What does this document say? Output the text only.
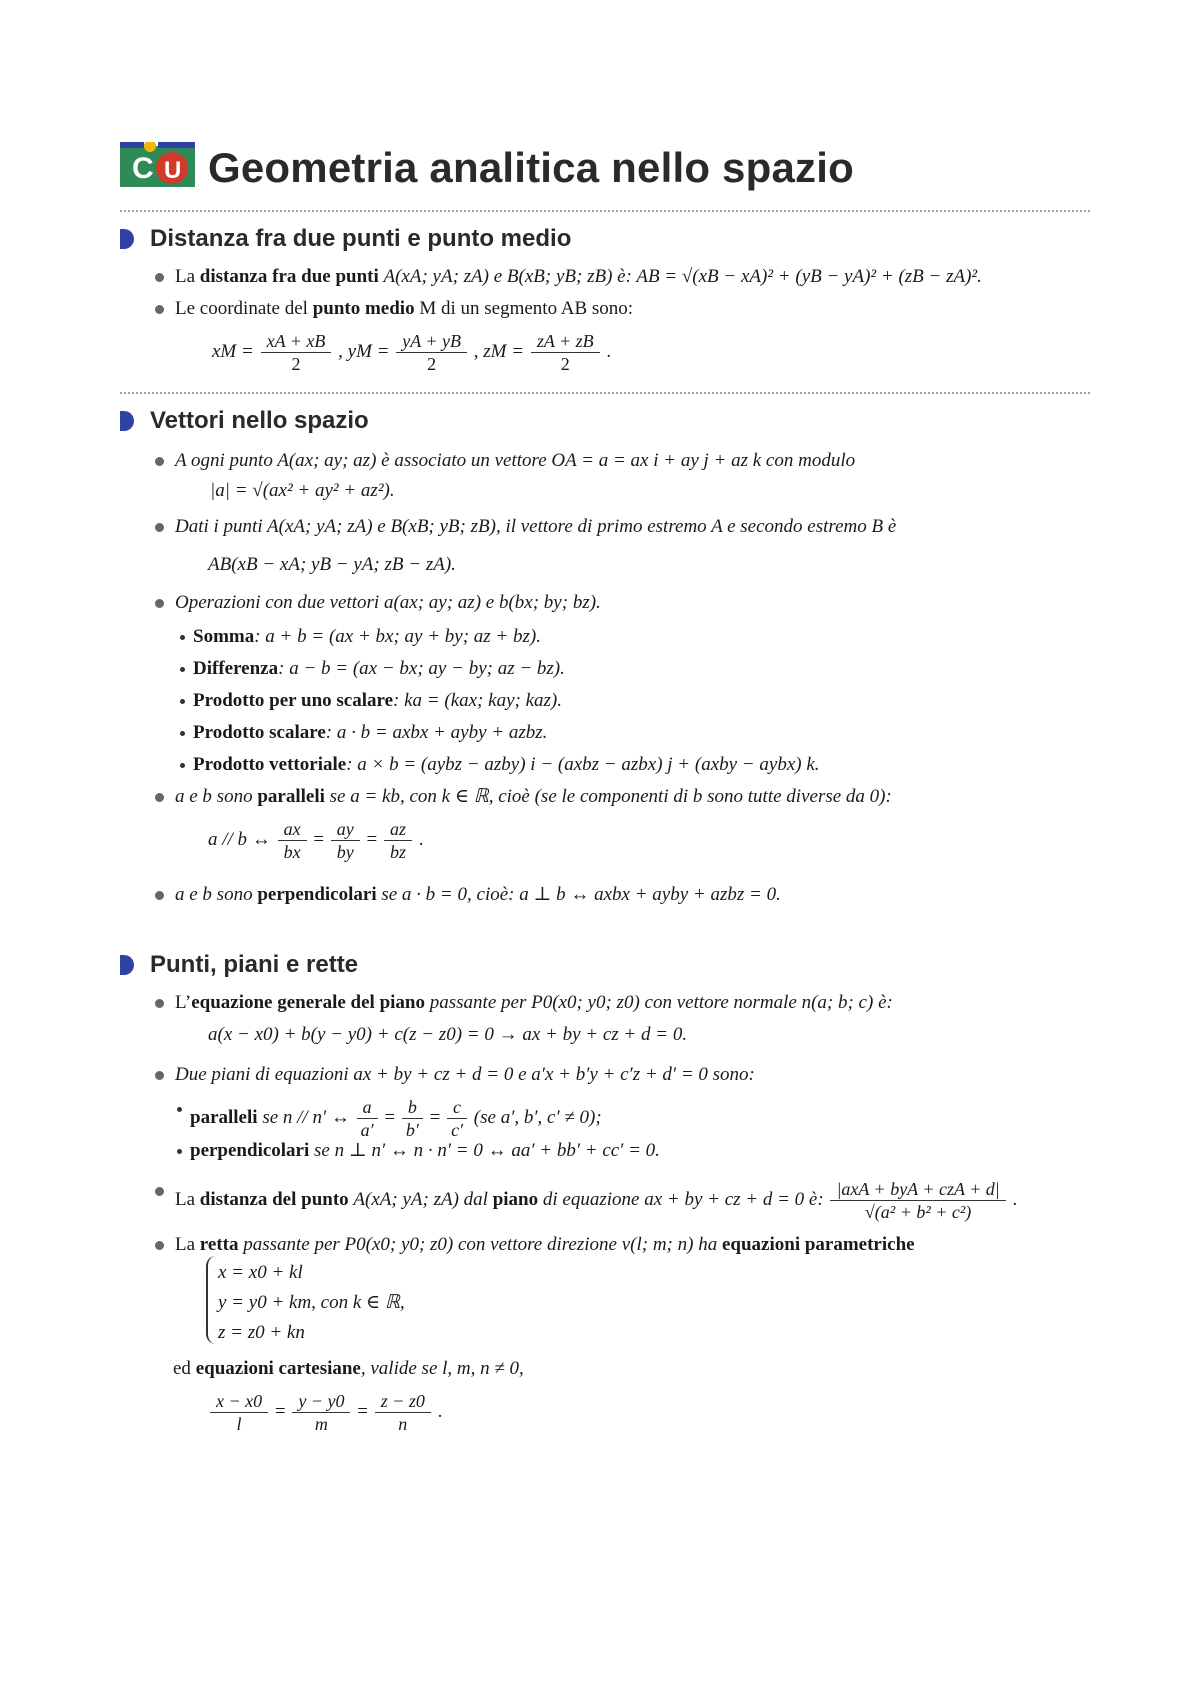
C U Geometria analitica nello spazio
Distanza fra due punti e punto medio
La distanza fra due punti A(xA; yA; zA) e B(xB; yB; zB) è: AB = √(xB − xA)² + (yB − yA)² + (zB − zA)².
Le coordinate del punto medio M di un segmento AB sono:
xM = $\frac{xA + xB}{2}$ , yM = $\frac{yA + yB}{2}$ , zM = $\frac{zA + zB}{2}$ .
Vettori nello spazio
A ogni punto A(ax; ay; az) è associato un vettore OA = a = ax i + ay j + az k con modulo
|a| = √(ax² + ay² + az²).
Dati i punti A(xA; yA; zA) e B(xB; yB; zB), il vettore di primo estremo A e secondo estremo B è
AB(xB − xA; yB − yA; zB − zA).
Operazioni con due vettori a(ax; ay; az) e b(bx; by; bz).
Somma: a + b = (ax + bx; ay + by; az + bz).
Differenza: a − b = (ax − bx; ay − by; az − bz).
Prodotto per uno scalare: ka = (kax; kay; kaz).
Prodotto scalare: a · b = axbx + ayby + azbz.
Prodotto vettoriale: a × b = (aybz − azby) i − (axbz − azbx) j + (axby − aybx) k.
a e b sono paralleli se a = kb, con k ∈ ℝ, cioè (se le componenti di b sono tutte diverse da 0):
a // b ↔ $\frac{ax}{bx} = \frac{ay}{by} = \frac{az}{bz}$ .
a e b sono perpendicolari se a · b = 0, cioè: a ⊥ b ↔ axbx + ayby + azbz = 0.
Punti, piani e rette
L’equazione generale del piano passante per P0(x0; y0; z0) con vettore normale n(a; b; c) è:
a(x − x0) + b(y − y0) + c(z − z0) = 0 → ax + by + cz + d = 0.
Due piani di equazioni ax + by + cz + d = 0 e a′x + b′y + c′z + d′ = 0 sono:
paralleli se n // n′ ↔ $\frac{a}{a'} = \frac{b}{b'} = \frac{c}{c'} (se$ a′, b′, c′ ≠ 0);
perpendicolari se n ⊥ n′ ↔ n · n′ = 0 ↔ aa′ + bb′ + cc′ = 0.
La distanza del punto A(xA; yA; zA) dal piano di equazione ax + by + cz + d = 0 è: $\frac{\text{|axA + byA + czA + d|}}{\text{√(a² + b² + c²)}}$ .
La retta passante per P0(x0; y0; z0) con vettore direzione v(l; m; n) ha equazioni parametriche
x = x0 + kl
y = y0 + km, con k ∈ ℝ,
z = z0 + kn
ed equazioni cartesiane, valide se l, m, n ≠ 0,
$\frac{x - x0}{l} = \frac{y - y0}{m} = \frac{z - z0}{n}$ .
